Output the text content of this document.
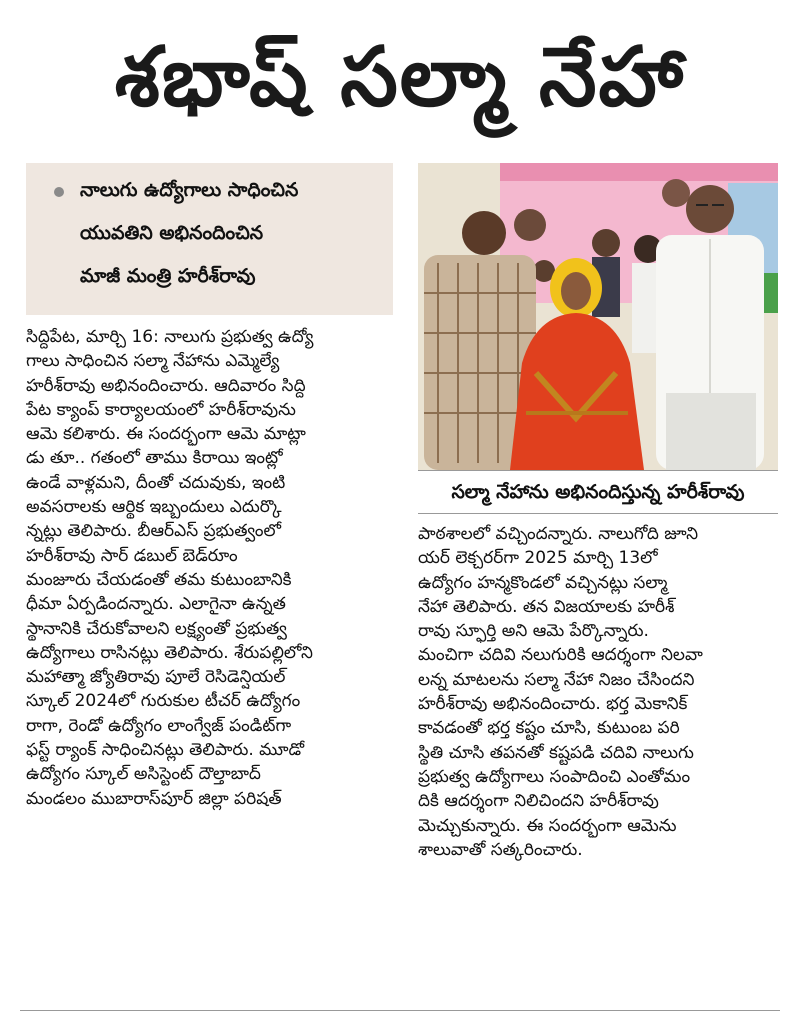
శభాష్ సల్మా నేహా
నాలుగు ఉద్యోగాలు సాధించిన
యువతిని అభినందించిన
మాజీ మంత్రి హరీశ్‌రావు
సల్మా నేహాను అభినందిస్తున్న హరీశ్‌రావు
సిద్దిపేట, మార్చి 16: నాలుగు ప్రభుత్వ ఉద్యో
గాలు సాధించిన సల్మా నేహాను ఎమ్మెల్యే
హరీశ్‌రావు అభినందించారు. ఆదివారం సిద్ది
పేట క్యాంప్ కార్యాలయంలో హరీశ్‌రావును
ఆమె కలిశారు. ఈ సందర్భంగా ఆమె మాట్లా
డు తూ.. గతంలో తాము కిరాయి ఇంట్లో
ఉండే వాళ్లమని, దీంతో చదువుకు, ఇంటి
అవసరాలకు ఆర్థిక ఇబ్బందులు ఎదుర్కొ
న్నట్లు తెలిపారు. బీఆర్ఎస్ ప్రభుత్వంలో
హరీశ్‌రావు సార్ డబుల్ బెడ్‌రూం
మంజూరు చేయడంతో తమ కుటుంబానికి
ధీమా ఏర్పడిందన్నారు. ఎలాగైనా ఉన్నత
స్థానానికి చేరుకోవాలని లక్ష్యంతో ప్రభుత్వ
ఉద్యోగాలు రాసినట్లు తెలిపారు. శేరుపల్లిలోని
మహాత్మా జ్యోతిరావు పూలే రెసిడెన్షియల్
స్కూల్ 2024లో గురుకుల టీచర్ ఉద్యోగం
రాగా, రెండో ఉద్యోగం లాంగ్వేజ్ పండిట్‌గా
ఫస్ట్ ర్యాంక్ సాధించినట్లు తెలిపారు. మూడో
ఉద్యోగం స్కూల్ అసిస్టెంట్ దౌల్తాబాద్
మండలం ముబారాస్‌పూర్ జిల్లా పరిషత్
పాఠశాలలో వచ్చిందన్నారు. నాలుగోది జూని
యర్ లెక్చరర్‌గా 2025 మార్చి 13లో
ఉద్యోగం హన్మకొండలో వచ్చినట్లు సల్మా
నేహా తెలిపారు. తన విజయాలకు హరీశ్
రావు స్ఫూర్తి అని ఆమె పేర్కొన్నారు.
మంచిగా చదివి నలుగురికి ఆదర్శంగా నిలవా
లన్న మాటలను సల్మా నేహా నిజం చేసిందని
హరీశ్‌రావు అభినందించారు. భర్త మెకానిక్
కావడంతో భర్త కష్టం చూసి, కుటుంబ పరి
స్థితి చూసి తపనతో కష్టపడి చదివి నాలుగు
ప్రభుత్వ ఉద్యోగాలు సంపాదించి ఎంతోమం
దికి ఆదర్శంగా నిలిచిందని హరీశ్‌రావు
మెచ్చుకున్నారు. ఈ సందర్భంగా ఆమెను
శాలువాతో సత్కరించారు.
